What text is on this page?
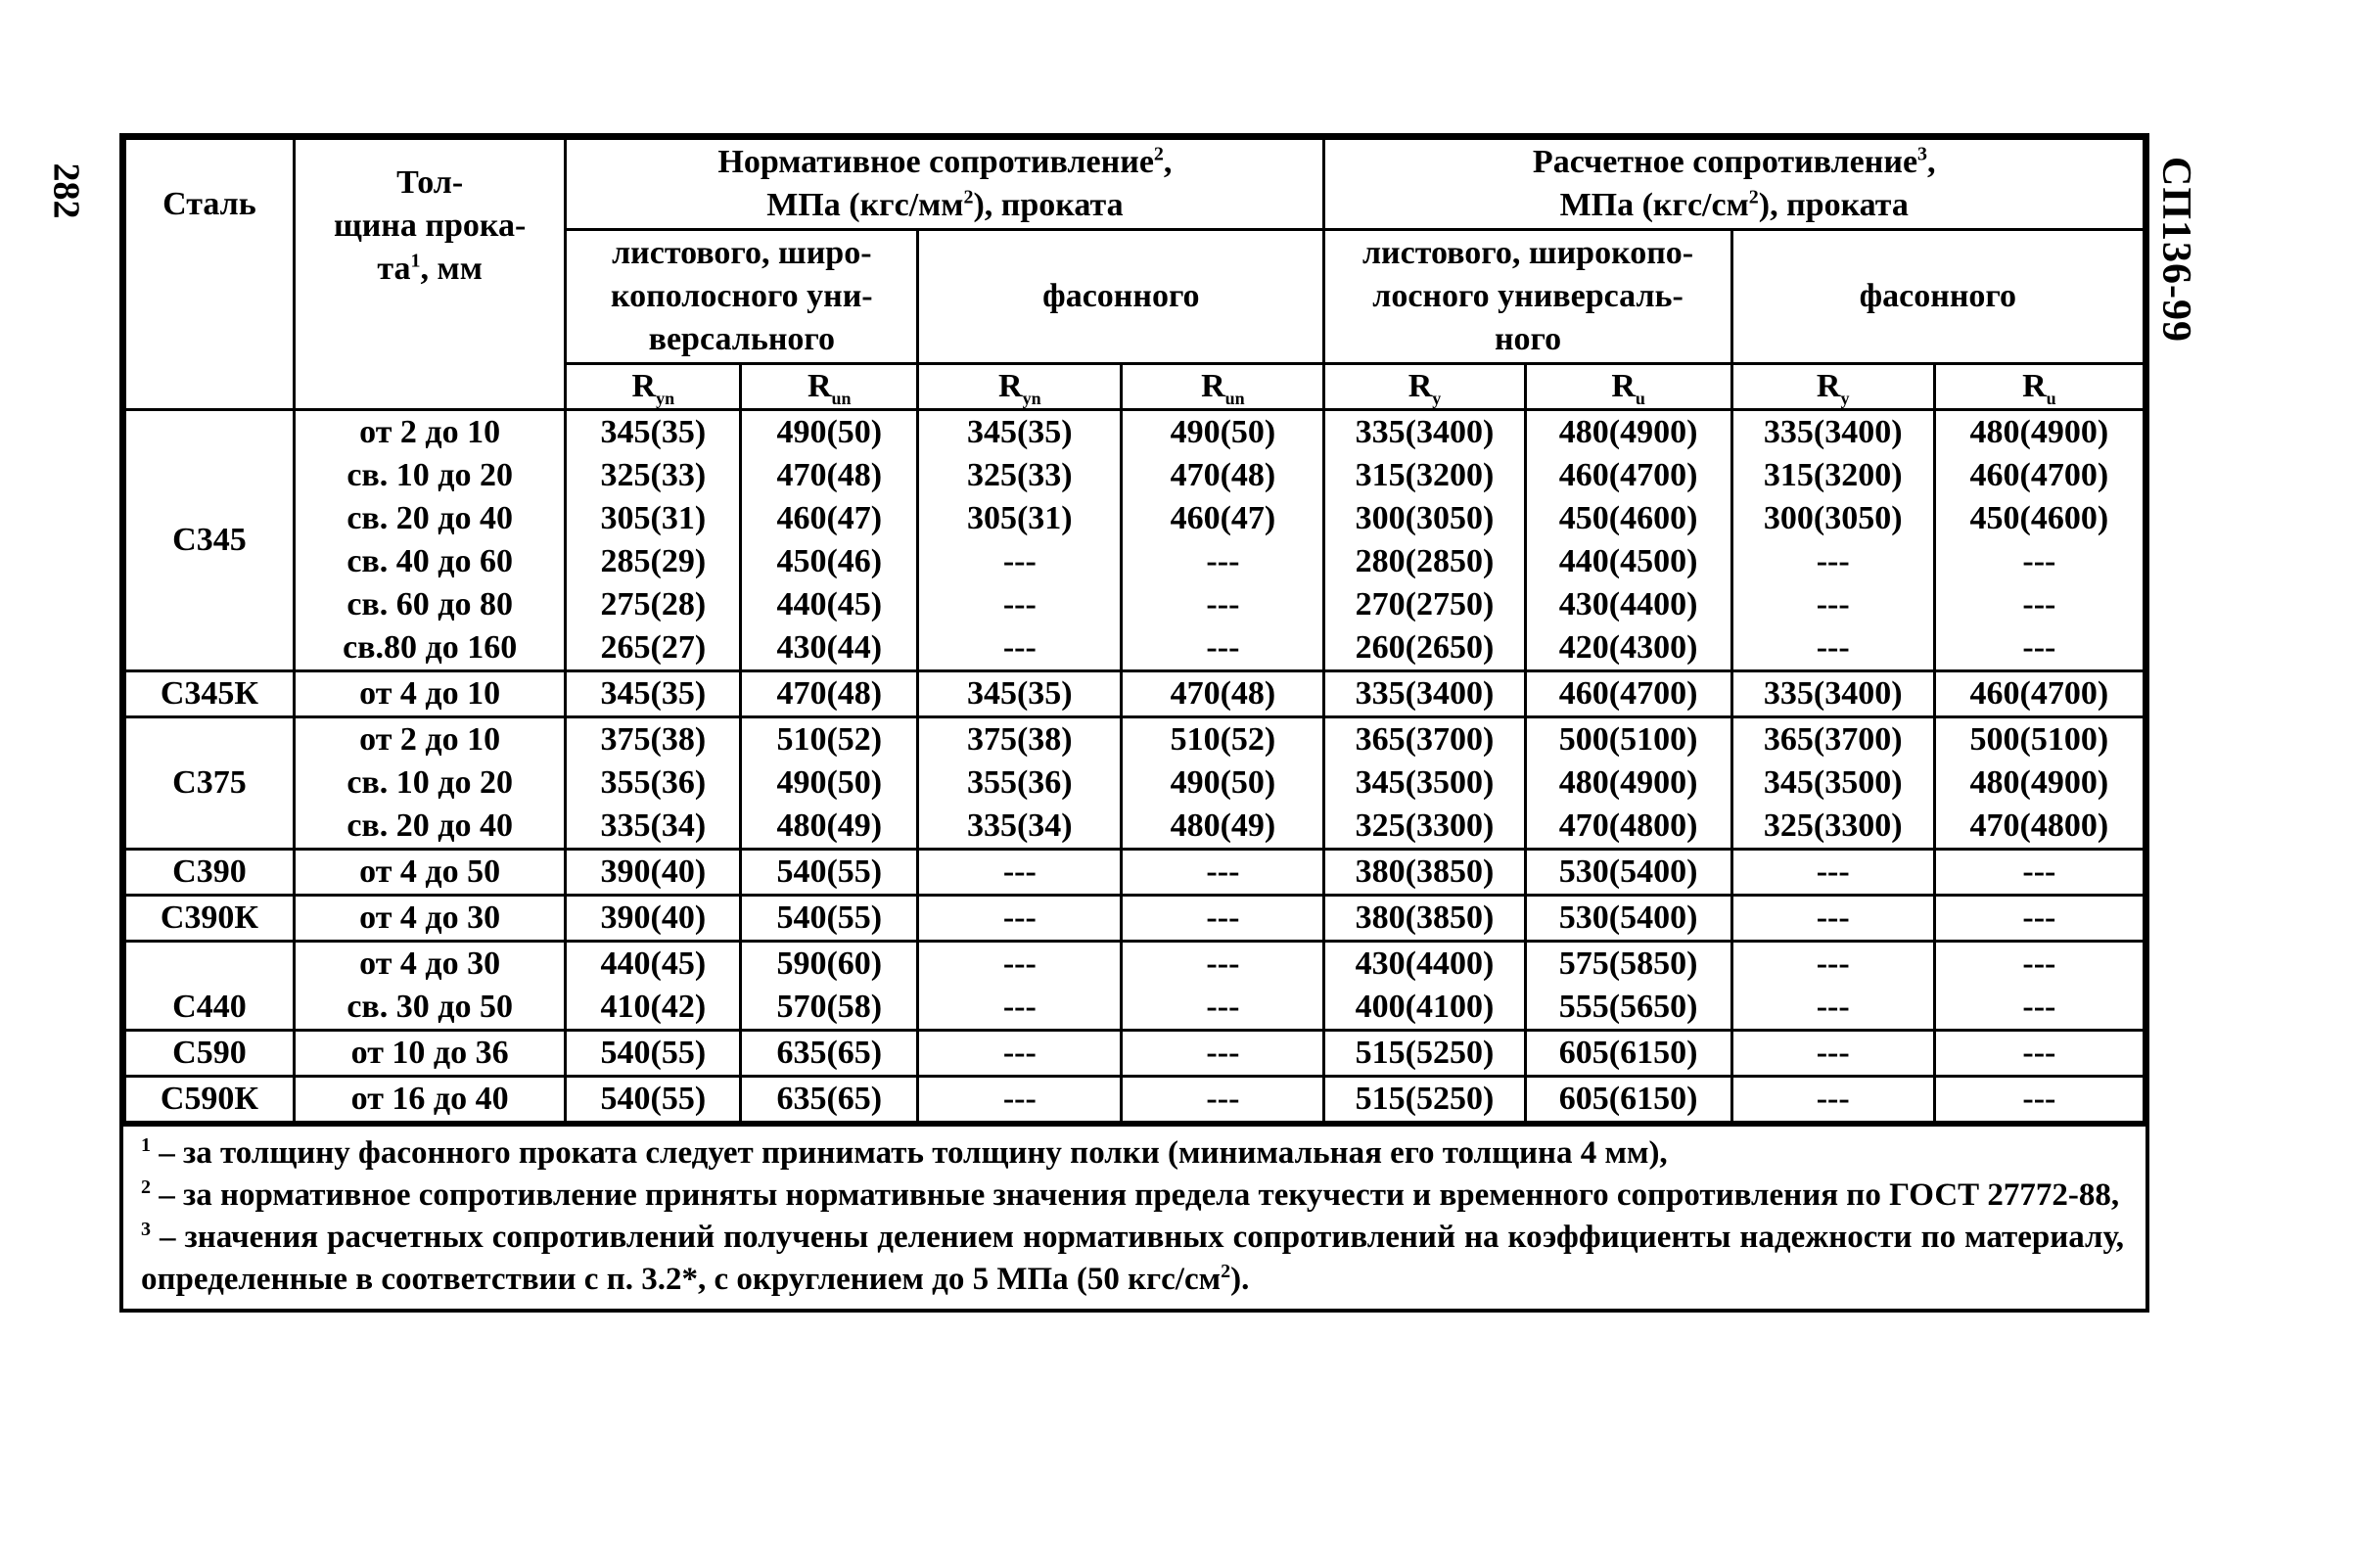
282	СП136-99
Сталь	Тол-
щина прока-
$та^1$, мм	Нормативное сопротивление$^2$,
МПа $(кгс/мм^2)$, проката				Расчетное сопротивление$^3$,
МПа $(кгс/см^2)$, проката			
		листового, широ-
кополосного уни-
версального		фасонного		листового, широкопо-
лосного универсаль-
ного		фасонного	
		$R_{yn}$	$R_{un}$	$R_{yn}$	$R_{un}$	$R_y$	$R_u$	$R_y$	$R_u$
С345	от 2 до 10	345(35)	490(50)	345(35)	490(50)	335(3400)	480(4900)	335(3400)	480(4900)
	св. 10 до 20	325(33)	470(48)	325(33)	470(48)	315(3200)	460(4700)	315(3200)	460(4700)
	св. 20 до 40	305(31)	460(47)	305(31)	460(47)	300(3050)	450(4600)	300(3050)	450(4600)
	св. 40 до 60	285(29)	450(46)	---	---	280(2850)	440(4500)	---	---
	св. 60 до 80	275(28)	440(45)	---	---	270(2750)	430(4400)	---	---
	св.80 до 160	265(27)	430(44)	---	---	260(2650)	420(4300)	---	---
С345К	от 4 до 10	345(35)	470(48)	345(35)	470(48)	335(3400)	460(4700)	335(3400)	460(4700)
С375	от 2 до 10	375(38)	510(52)	375(38)	510(52)	365(3700)	500(5100)	365(3700)	500(5100)
	св. 10 до 20	355(36)	490(50)	355(36)	490(50)	345(3500)	480(4900)	345(3500)	480(4900)
	св. 20 до 40	335(34)	480(49)	335(34)	480(49)	325(3300)	470(4800)	325(3300)	470(4800)
С390	от 4 до 50	390(40)	540(55)	---	---	380(3850)	530(5400)	---	---
С390К	от 4 до 30	390(40)	540(55)	---	---	380(3850)	530(5400)	---	---
С440	от 4 до 30	440(45)	590(60)	---	---	430(4400)	575(5850)	---	---
	св. 30 до 50	410(42)	570(58)	---	---	400(4100)	555(5650)	---	---
С590	от 10 до 36	540(55)	635(65)	---	---	515(5250)	605(6150)	---	---
С590К	от 16 до 40	540(55)	635(65)	---	---	515(5250)	605(6150)	---	---
$^1$ – за толщину фасонного проката следует принимать толщину полки (минимальная его толщина 4 мм),
$^2$ – за нормативное сопротивление приняты нормативные значения предела текучести и временного сопротивления по ГОСТ 27772-88,
$^3$ – значения расчетных сопротивлений получены делением нормативных сопротивлений на коэффициенты надежности по материалу, определенные в соответствии с п. 3.2*, с округлением до 5 МПа (50 кгс/$см^2$).
